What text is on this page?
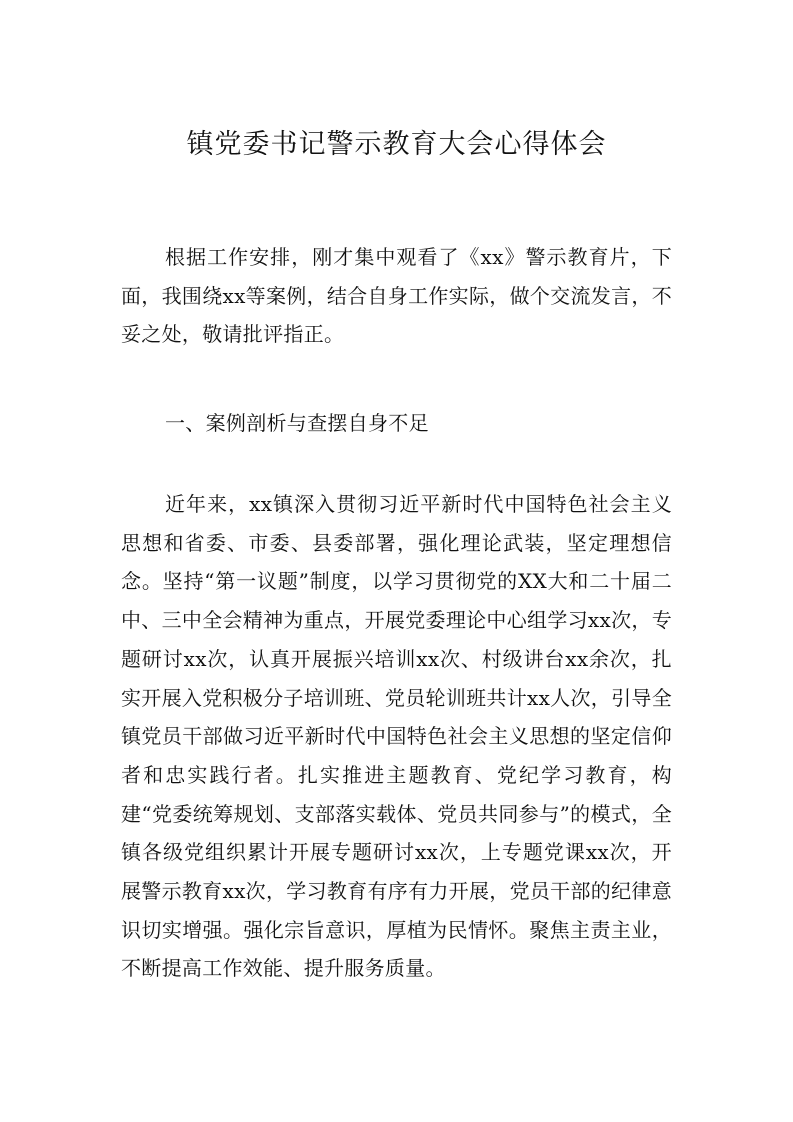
镇党委书记警示教育大会心得体会

根据工作安排，刚才集中观看了《xx》警示教育片，下面，我围绕xx等案例，结合自身工作实际，做个交流发言，不妥之处，敬请批评指正。

一、案例剖析与查摆自身不足

近年来，xx镇深入贯彻习近平新时代中国特色社会主义思想和省委、市委、县委部署，强化理论武装，坚定理想信念。坚持“第一议题”制度，以学习贯彻党的XX大和二十届二中、三中全会精神为重点，开展党委理论中心组学习xx次，专题研讨xx次，认真开展振兴培训xx次、村级讲台xx余次，扎实开展入党积极分子培训班、党员轮训班共计xx人次，引导全镇党员干部做习近平新时代中国特色社会主义思想的坚定信仰者和忠实践行者。扎实推进主题教育、党纪学习教育，构建“党委统筹规划、支部落实载体、党员共同参与”的模式，全镇各级党组织累计开展专题研讨xx次，上专题党课xx次，开展警示教育xx次，学习教育有序有力开展，党员干部的纪律意识切实增强。强化宗旨意识，厚植为民情怀。聚焦主责主业，不断提高工作效能、提升服务质量。
